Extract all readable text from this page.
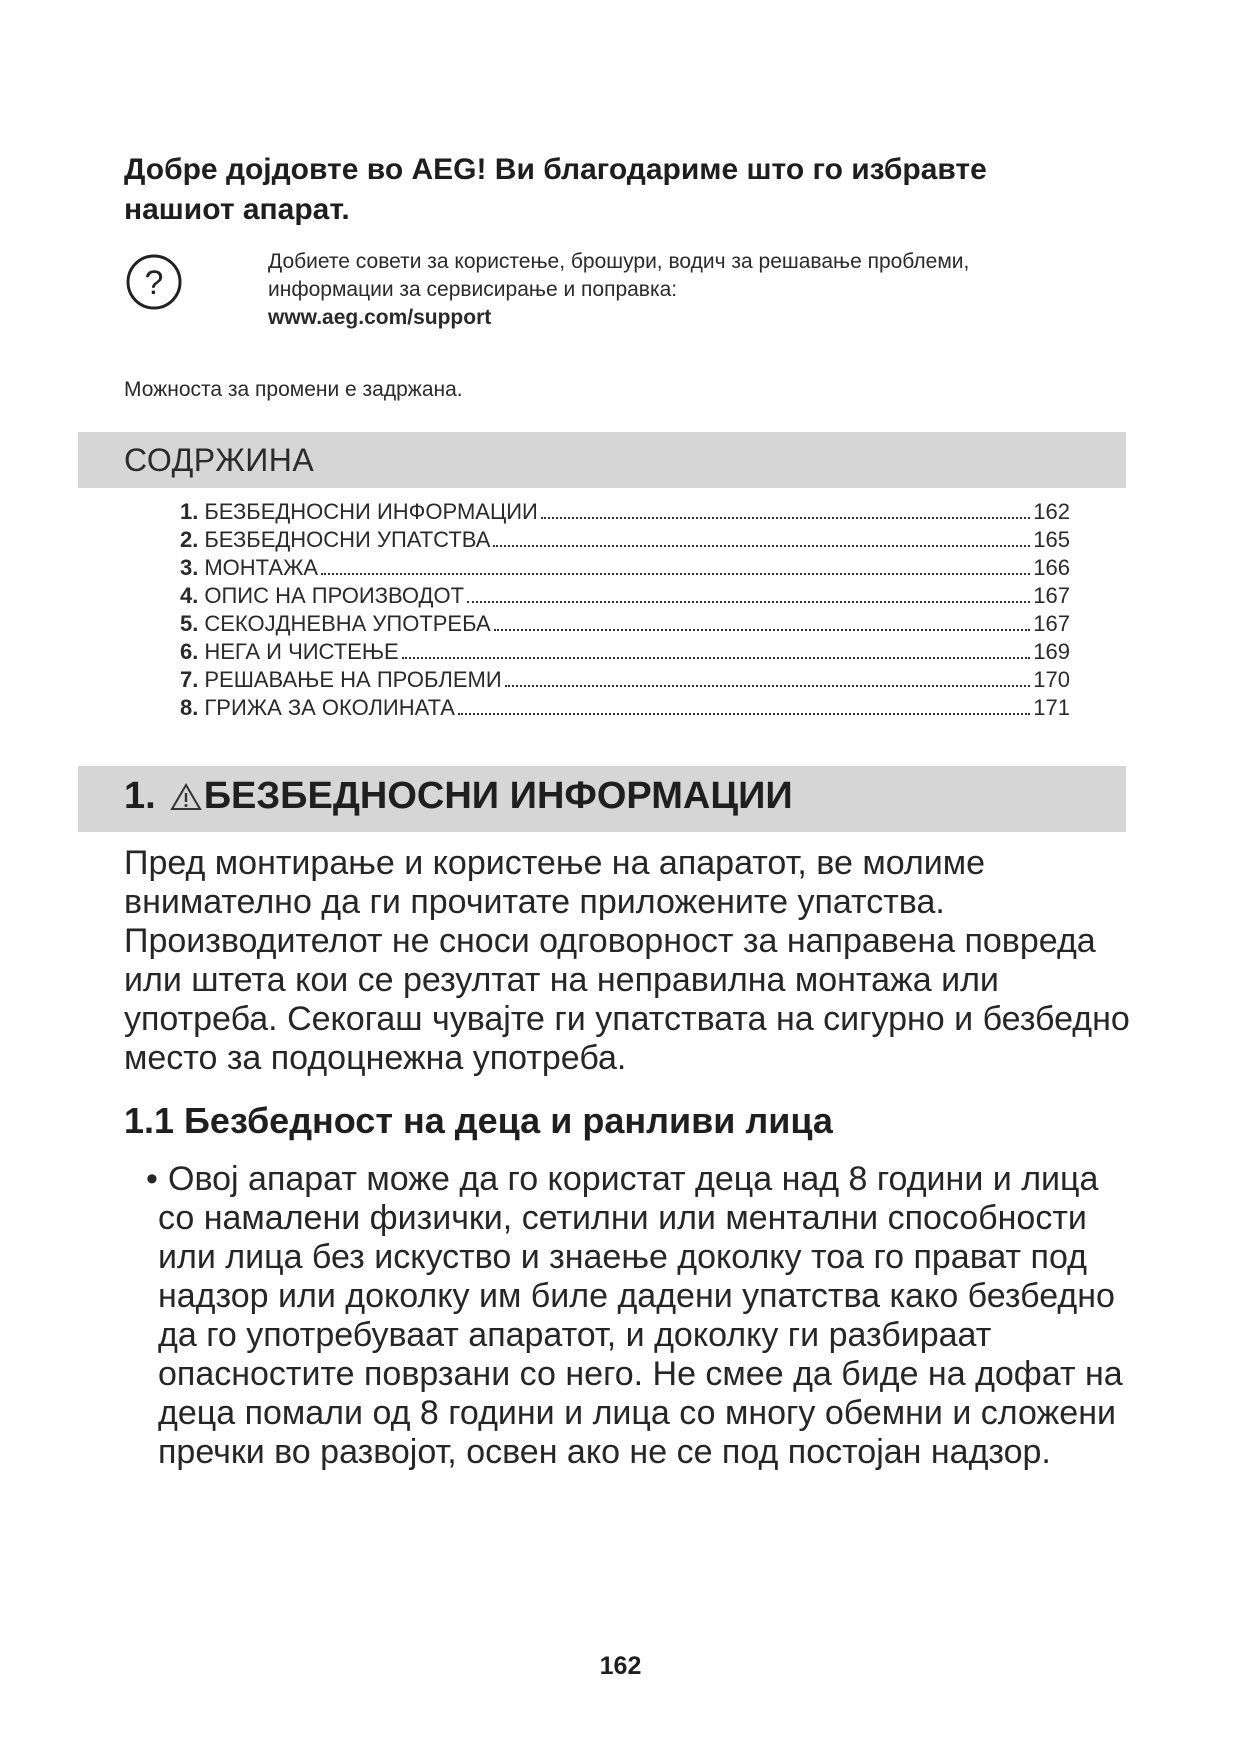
Добре дојдовте во AEG! Ви благодариме што го избравте нашиот апарат.
?
Добиете совети за користење, брошури, водич за решавање проблеми,
информации за сервисирање и поправка:
www.aeg.com/support
Можноста за промени е задржана.
СОДРЖИНА
1. БЕЗБЕДНОСНИ ИНФОРМАЦИИ	162
2. БЕЗБЕДНОСНИ УПАТСТВА	165
3. МОНТАЖА	166
4. ОПИС НА ПРОИЗВОДОТ	167
5. СЕКОЈДНЕВНА УПОТРЕБА	167
6. НЕГА И ЧИСТЕЊЕ	169
7. РЕШАВАЊЕ НА ПРОБЛЕМИ	170
8. ГРИЖА ЗА ОКОЛИНАТА	171
1. БЕЗБЕДНОСНИ ИНФОРМАЦИИ
Пред монтирање и користење на апаратот, ве молиме внимателно да ги прочитате приложените упатства. Производителот не сноси одговорност за направена повреда или штета кои се резултат на неправилна монтажа или употреба. Секогаш чувајте ги упатствата на сигурно и безбедно место за подоцнежна употреба.
1.1 Безбедност на деца и ранливи лица
• Овој апарат може да го користат деца над 8 години и лица со намалени физички, сетилни или ментални способности или лица без искуство и знаење доколку тоа го прават под надзор или доколку им биле дадени упатства како безбедно да го употребуваат апаратот, и доколку ги разбираат опасностите поврзани со него. Не смее да биде на дофат на деца помали од 8 години и лица со многу обемни и сложени пречки во развојот, освен ако не се под постојан надзор.
162
